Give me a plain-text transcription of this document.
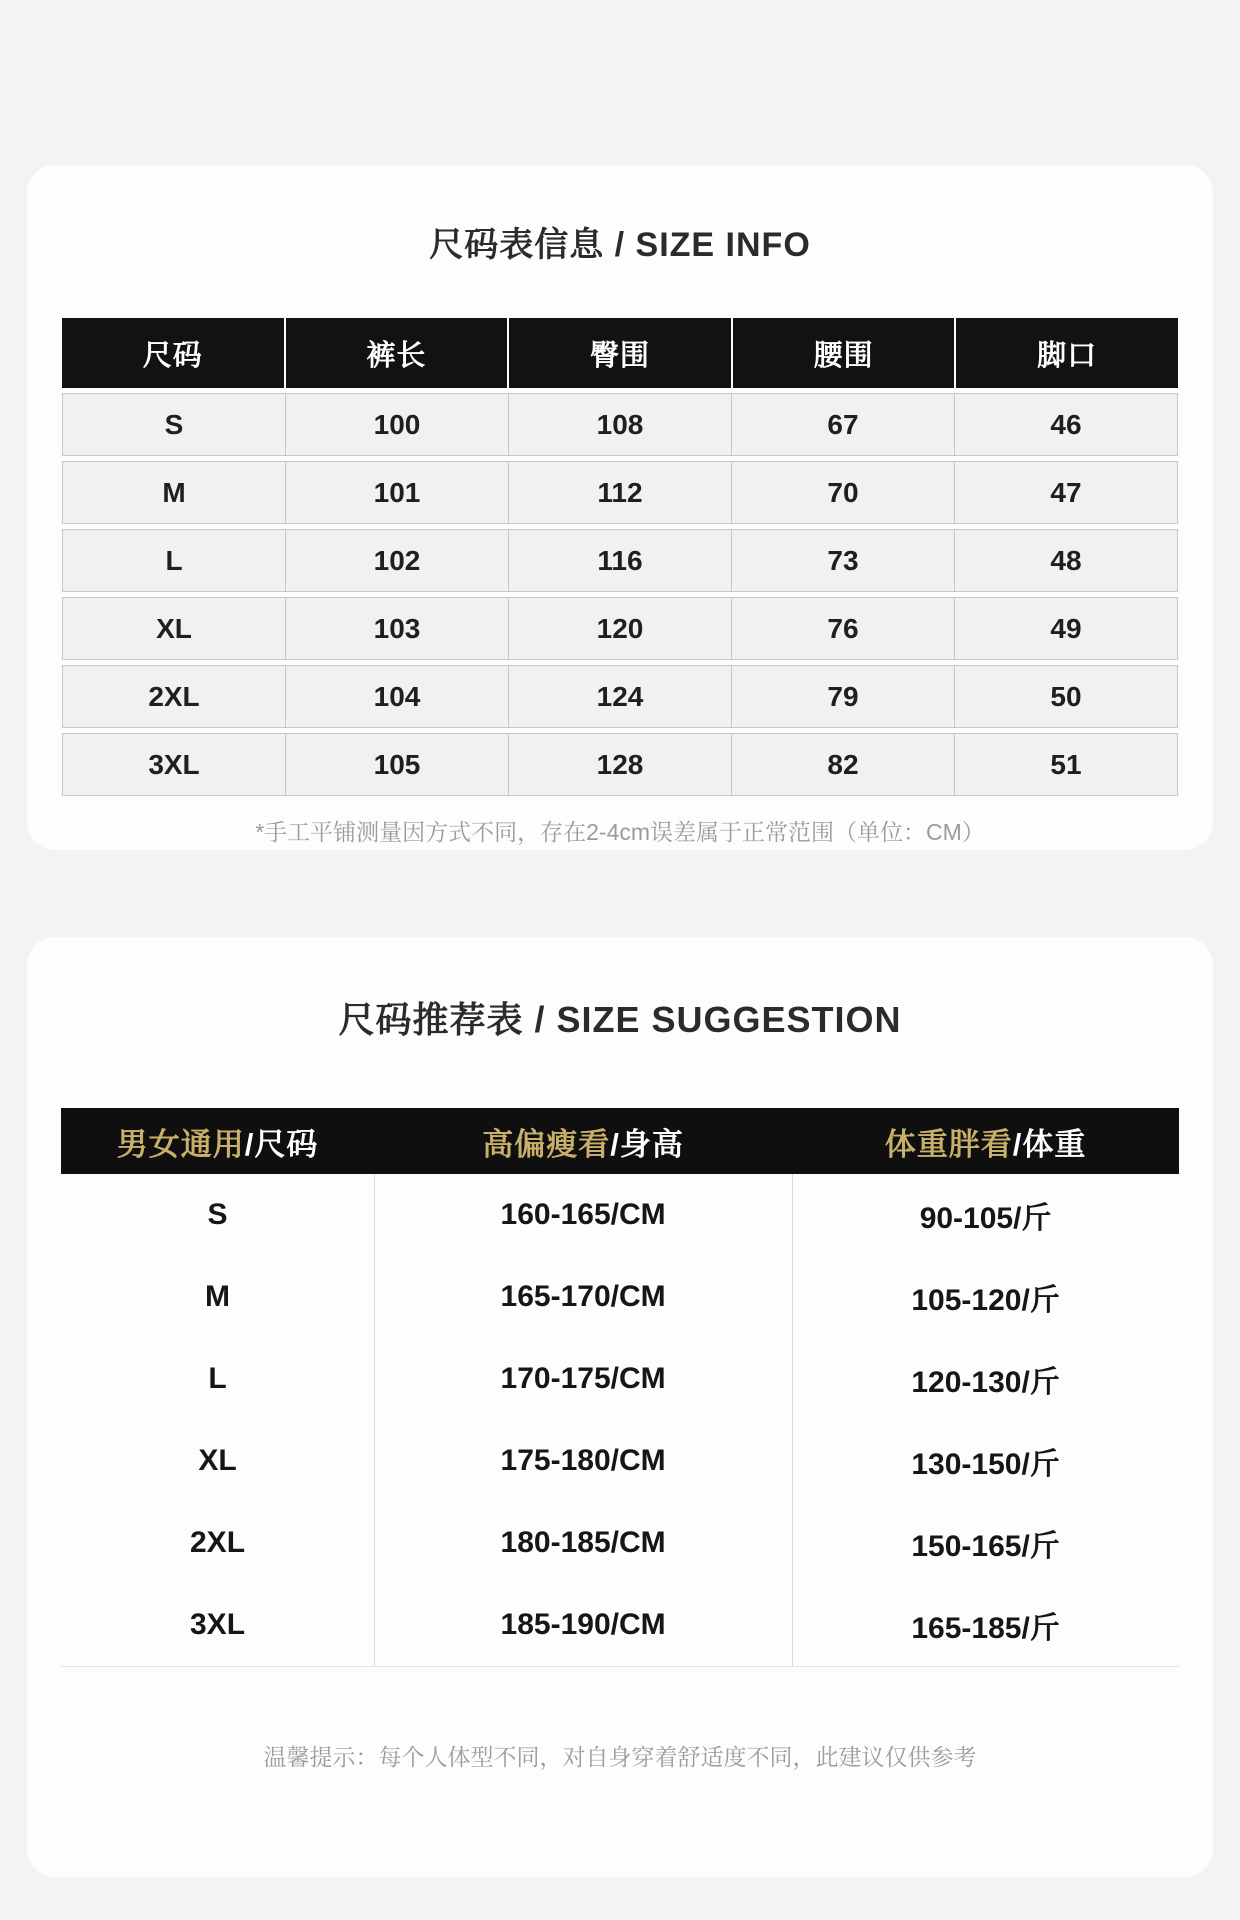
尺码表信息 / SIZE INFO
尺码	裤长	臀围	腰围	脚口
S	100	108	67	46
M	101	112	70	47
L	102	116	73	48
XL	103	120	76	49
2XL	104	124	79	50
3XL	105	128	82	51
*手工平铺测量因方式不同，存在2-4cm误差属于正常范围（单位：CM）
尺码推荐表 / SIZE SUGGESTION
男女通用 /尺码	高偏瘦看 /身高	体重胖看 /体重
S	160-165/CM	90-105/斤
M	165-170/CM	105-120/斤
L	170-175/CM	120-130/斤
XL	175-180/CM	130-150/斤
2XL	180-185/CM	150-165/斤
3XL	185-190/CM	165-185/斤
温馨提示：每个人体型不同，对自身穿着舒适度不同，此建议仅供参考
